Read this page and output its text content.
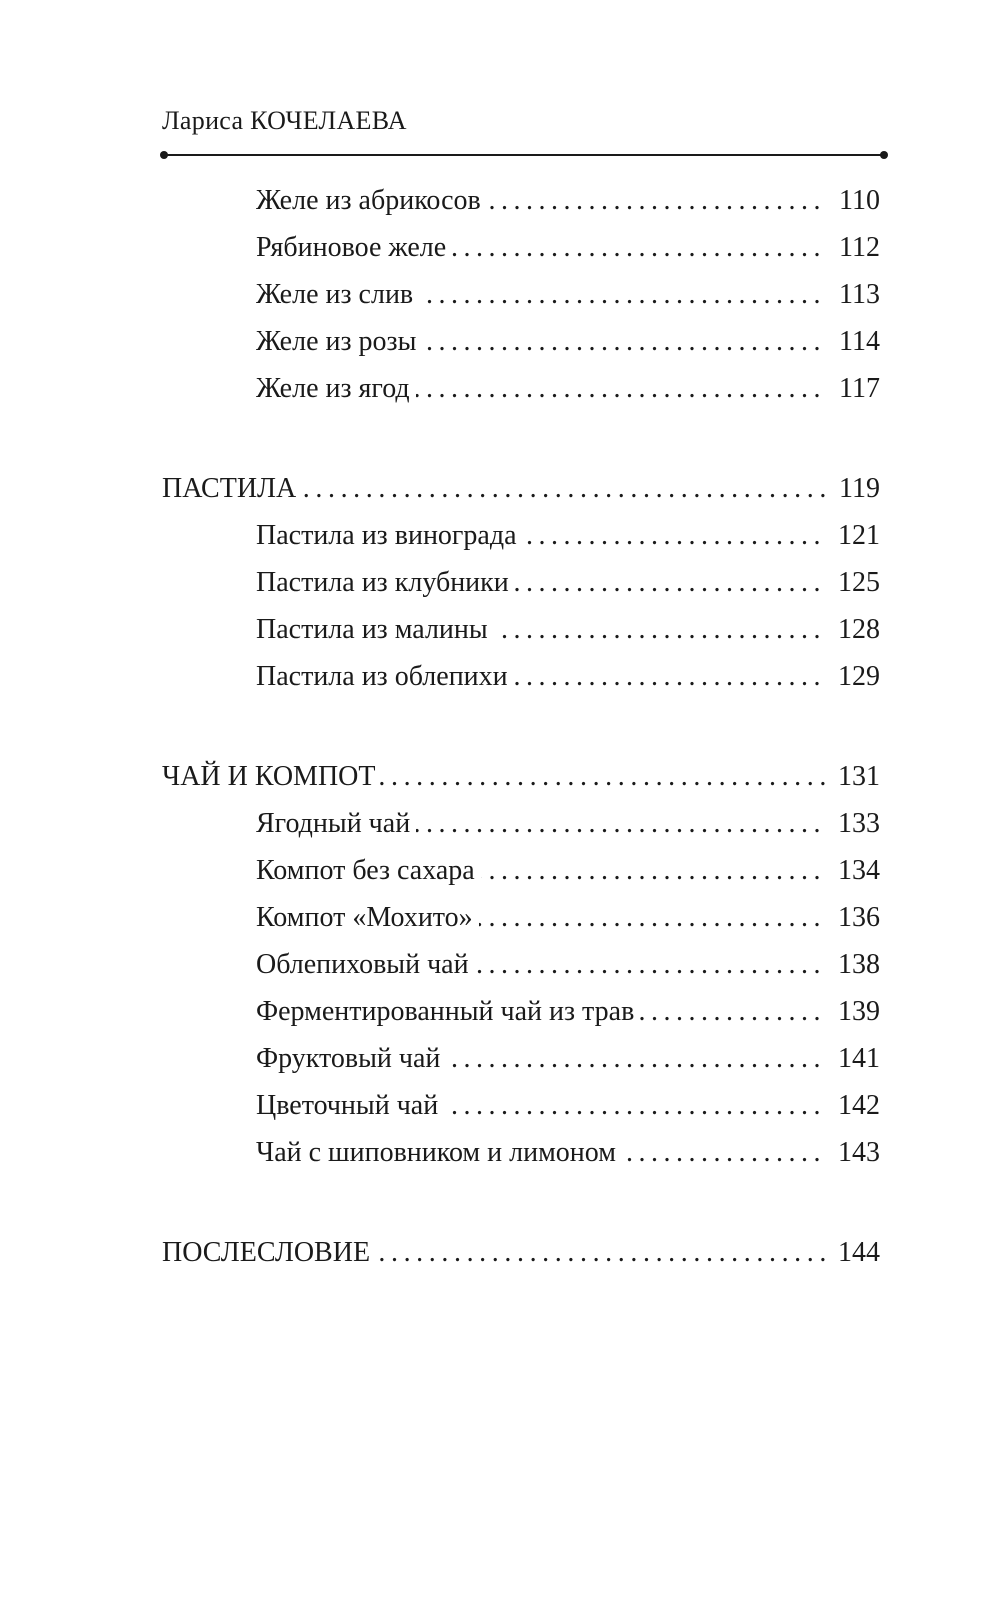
Лариса КОЧЕЛАЕВА
Желе из абрикосов .....	110
Рябиновое желе .....	112
Желе из слив .....	113
Желе из розы .....	114
Желе из ягод .....	117
ПАСТИЛА .....	119
Пастила из винограда .....	121
Пастила из клубники .....	125
Пастила из малины .....	128
Пастила из облепихи .....	129
ЧАЙ И КОМПОТ .....	131
Ягодный чай .....	133
Компот без сахара .....	134
Компот «Мохито» .....	136
Облепиховый чай .....	138
Ферментированный чай из трав .....	139
Фруктовый чай .....	141
Цветочный чай .....	142
Чай с шиповником и лимоном .....	143
ПОСЛЕСЛОВИЕ .....	144
